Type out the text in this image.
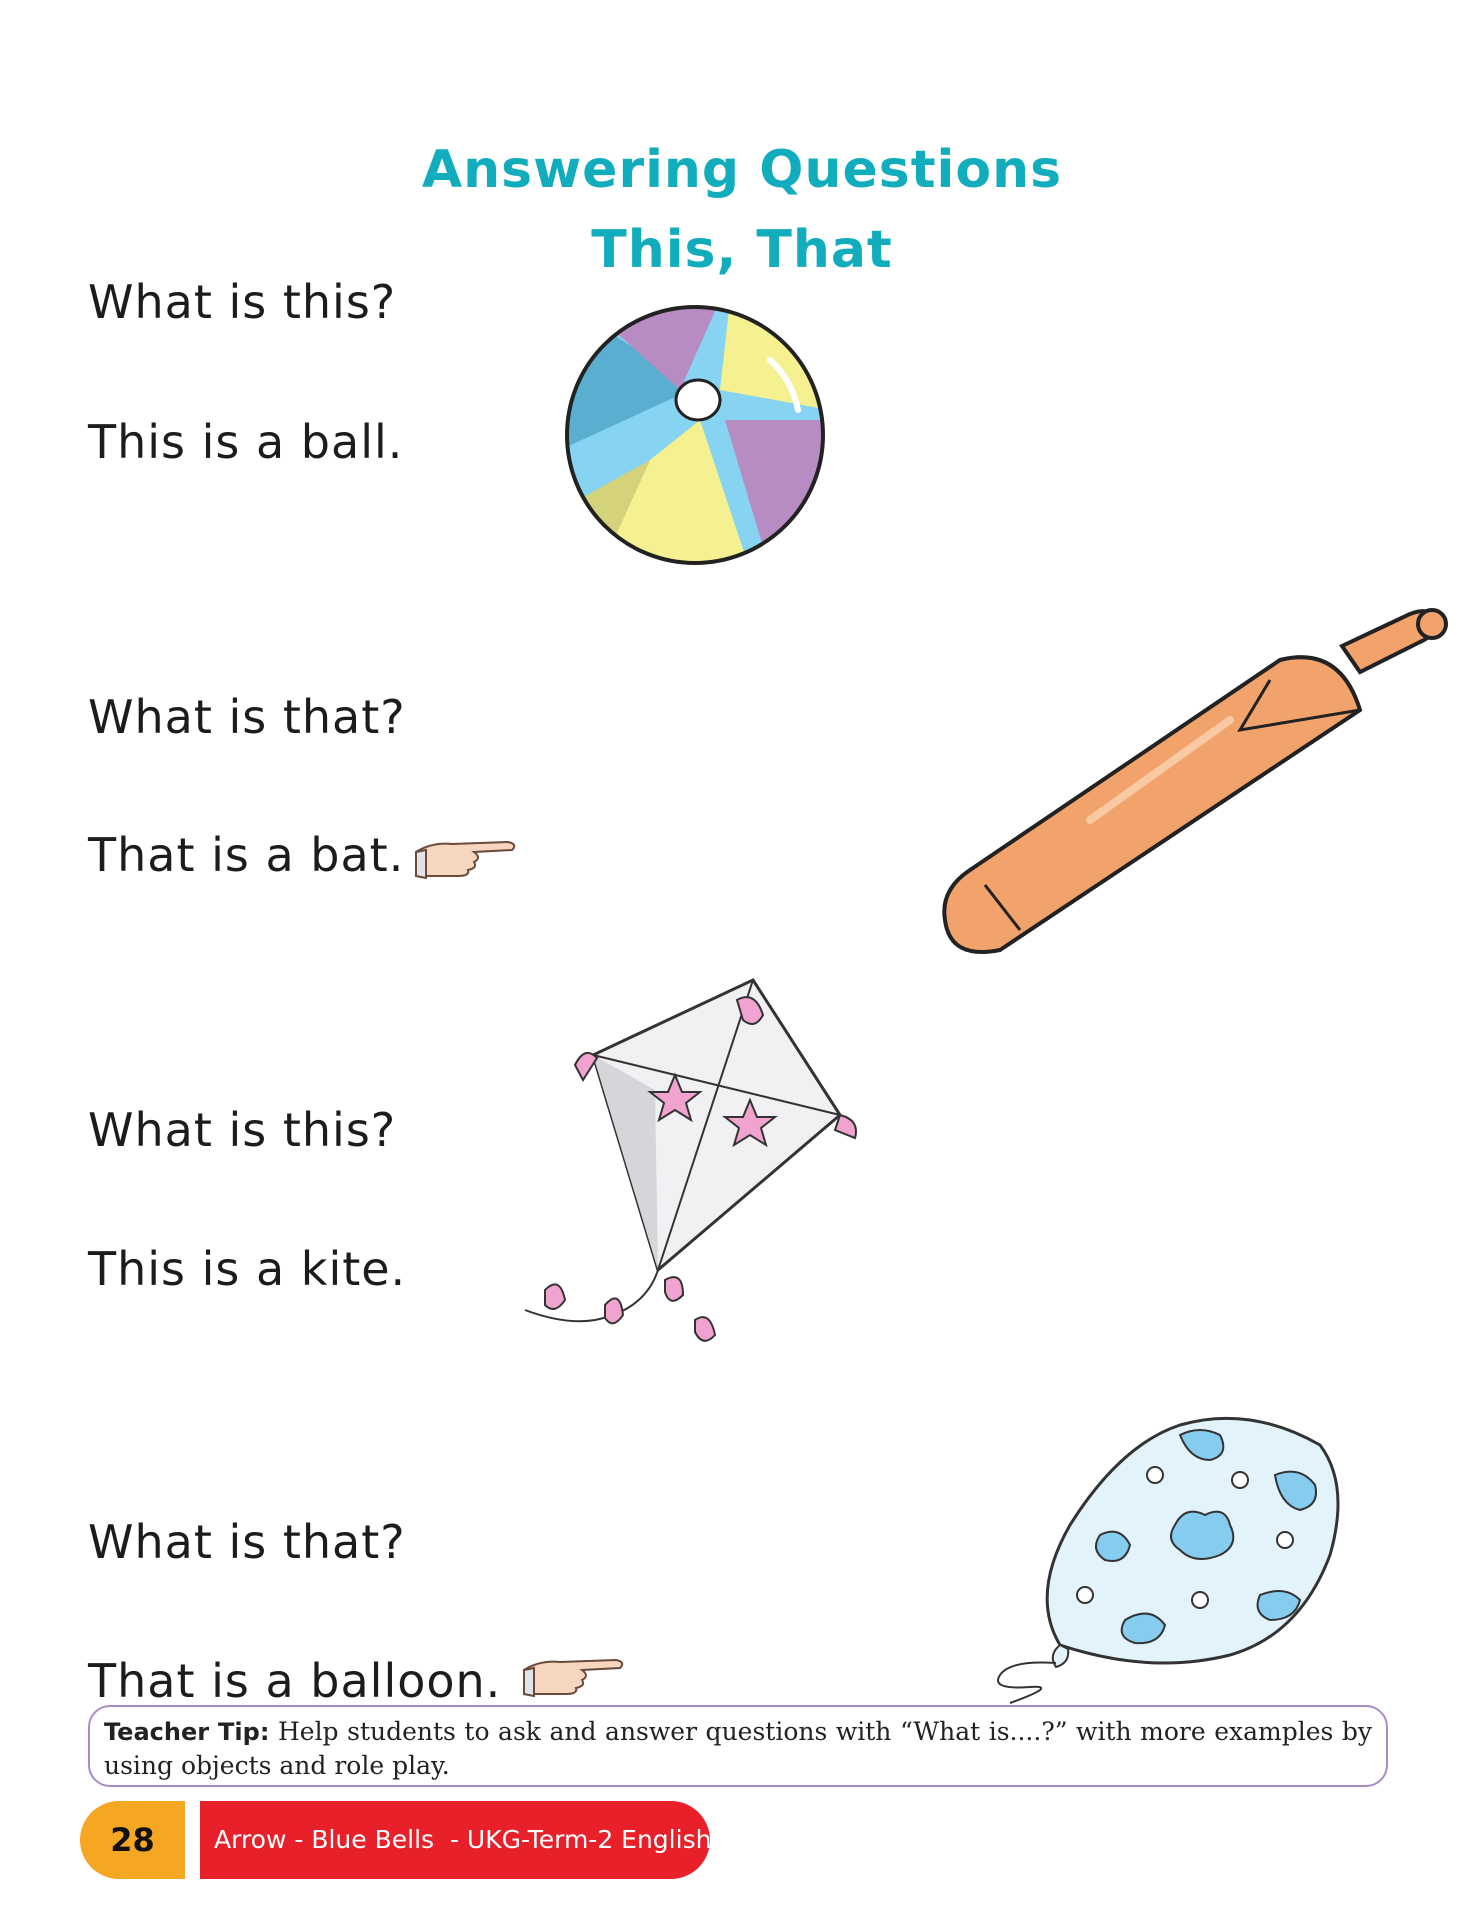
Answering Questions
This, That
What is this?
This is a ball.
What is that?
That is a bat.
What is this?
This is a kite.
What is that?
That is a balloon.
Teacher Tip: Help students to ask and answer questions with “What is....?” with more examples by using objects and role play.
28	Arrow - Blue Bells  - UKG-Term-2 English
